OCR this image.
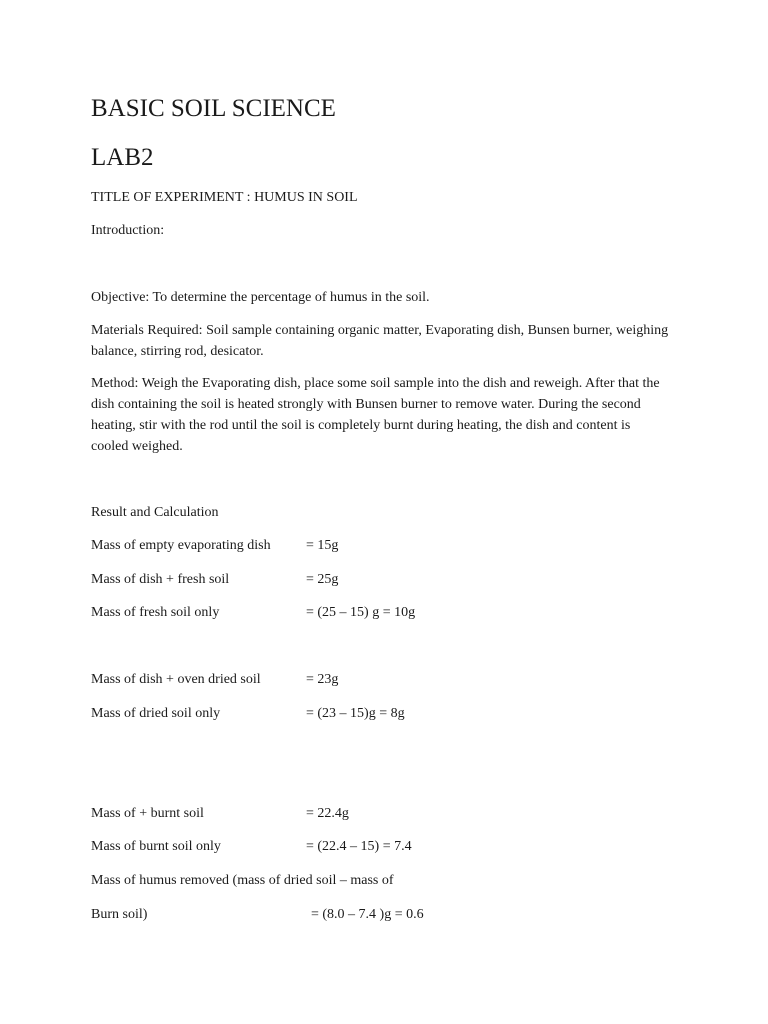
BASIC SOIL SCIENCE
LAB2
TITLE OF EXPERIMENT : HUMUS IN SOIL
Introduction:
Objective: To determine the percentage of humus in the soil.
Materials Required: Soil sample containing organic matter, Evaporating dish, Bunsen burner, weighing balance, stirring rod, desicator.
Method: Weigh the Evaporating dish, place some soil sample into the dish and reweigh. After that the dish containing the soil is heated strongly with Bunsen burner to remove water. During the second heating, stir with the rod until the soil is completely burnt during heating, the dish and content is cooled weighed.
Result and Calculation
Mass of empty evaporating dish	= 15g
Mass of dish + fresh soil	= 25g
Mass of fresh soil only	= (25 – 15) g = 10g
Mass of dish + oven dried soil	= 23g
Mass of dried soil only	= (23 – 15)g = 8g
Mass of + burnt soil	= 22.4g
Mass of burnt soil only	= (22.4 – 15) = 7.4
Mass of humus removed (mass of dried soil – mass of
Burn soil)	= (8.0 – 7.4 )g = 0.6
